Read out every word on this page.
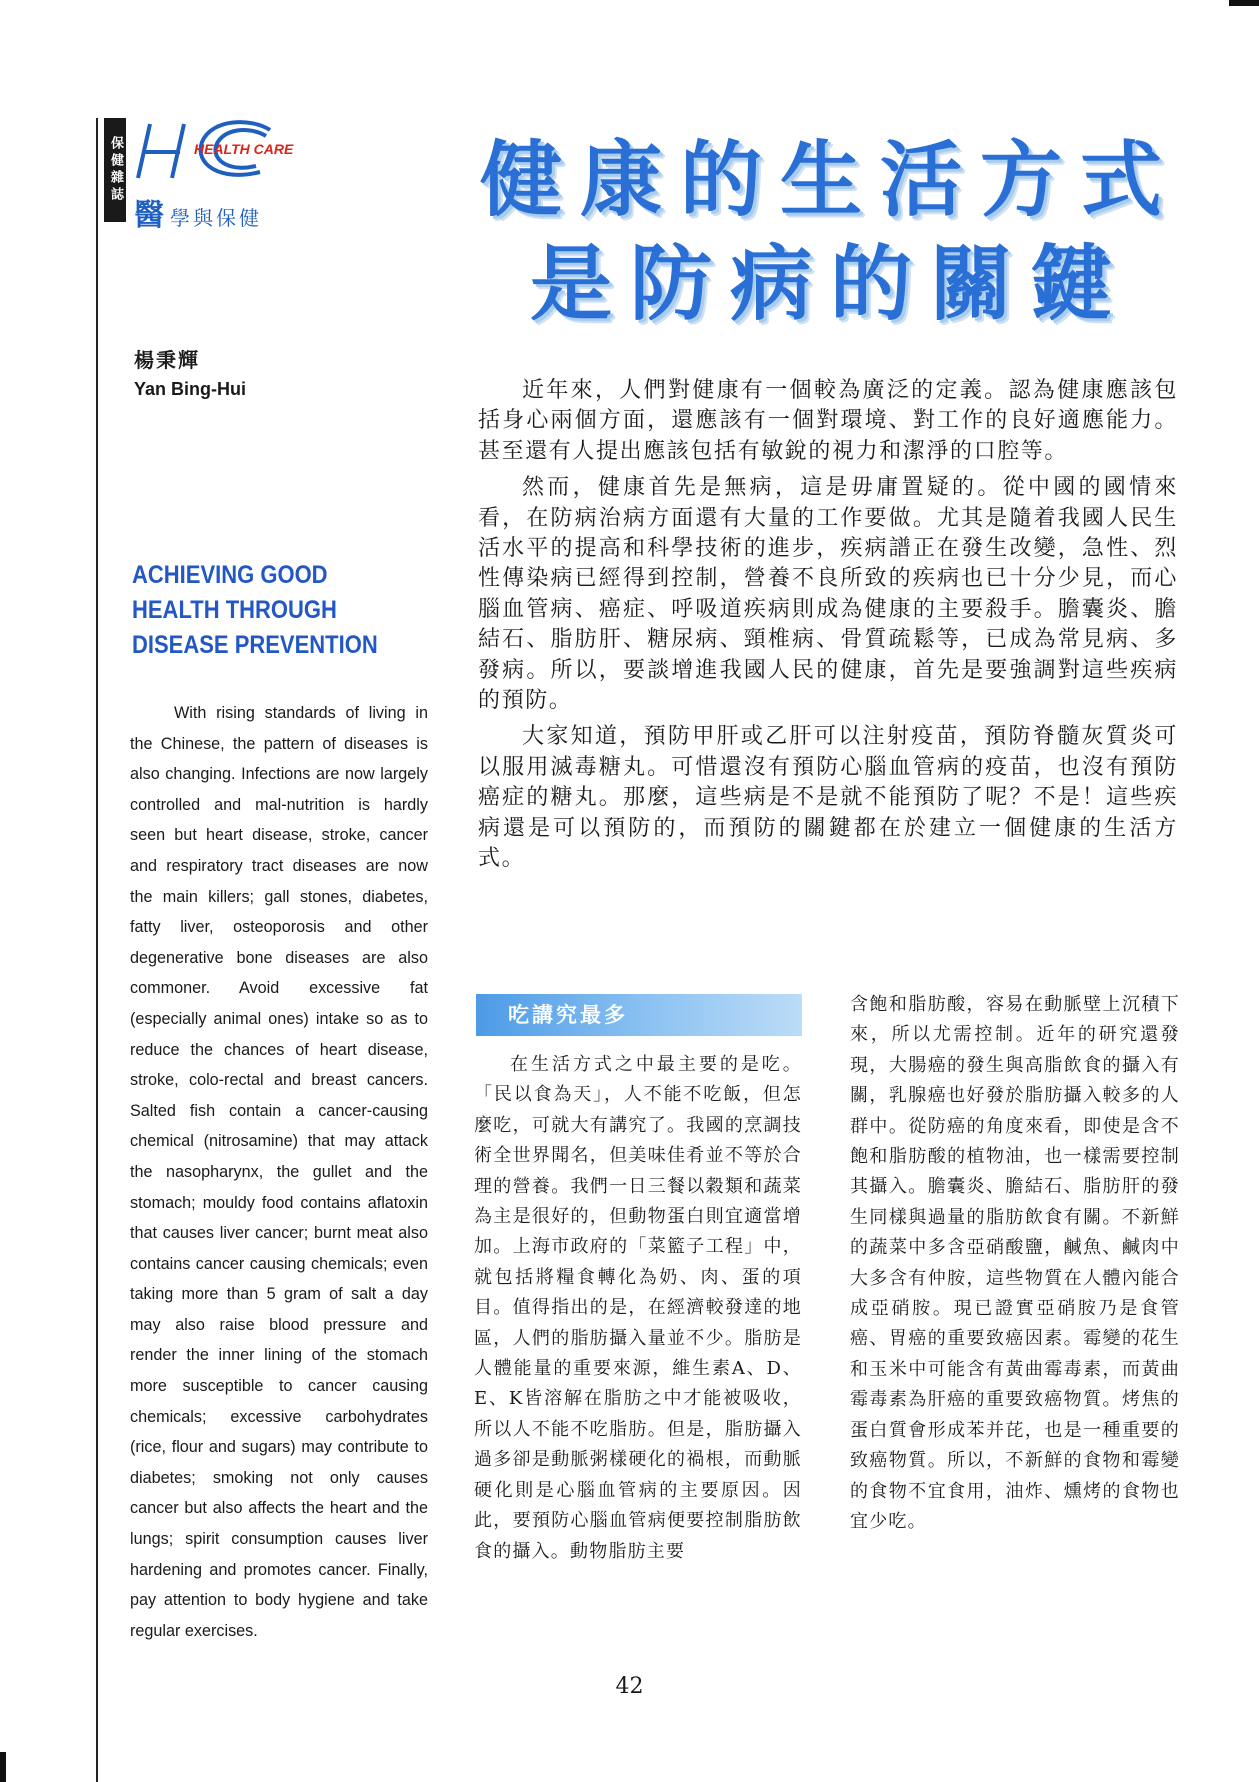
保健雜誌	HEALTH CARE
醫學與保健	健康的生活方式
是防病的關鍵
楊秉輝
Yan Bing-Hui
ACHIEVING GOOD HEALTH THROUGH DISEASE PREVENTION
With rising standards of living in the Chinese, the pattern of diseases is also changing. Infections are now largely controlled and mal-nutrition is hardly seen but heart disease, stroke, cancer and respiratory tract diseases are now the main killers; gall stones, diabetes, fatty liver, osteoporosis and other degenerative bone diseases are also commoner. Avoid excessive fat (especially animal ones) intake so as to reduce the chances of heart disease, stroke, colo-rectal and breast cancers. Salted fish contain a cancer-causing chemical (nitrosamine) that may attack the nasopharynx, the gullet and the stomach; mouldy food contains aflatoxin that causes liver cancer; burnt meat also contains cancer causing chemicals; even taking more than 5 gram of salt a day may also raise blood pressure and render the inner lining of the stomach more susceptible to cancer causing chemicals; excessive carbohydrates (rice, flour and sugars) may contribute to diabetes; smoking not only causes cancer but also affects the heart and the lungs; spirit consumption causes liver hardening and promotes cancer. Finally, pay attention to body hygiene and take regular exercises.

近年來，人們對健康有一個較為廣泛的定義。認為健康應該包括身心兩個方面，還應該有一個對環境、對工作的良好適應能力。甚至還有人提出應該包括有敏銳的視力和潔淨的口腔等。

然而，健康首先是無病，這是毋庸置疑的。從中國的國情來看，在防病治病方面還有大量的工作要做。尤其是隨着我國人民生活水平的提高和科學技術的進步，疾病譜正在發生改變，急性、烈性傳染病已經得到控制，營養不良所致的疾病也已十分少見，而心腦血管病、癌症、呼吸道疾病則成為健康的主要殺手。膽囊炎、膽結石、脂肪肝、糖尿病、頸椎病、骨質疏鬆等，已成為常見病、多發病。所以，要談增進我國人民的健康，首先是要強調對這些疾病的預防。

大家知道，預防甲肝或乙肝可以注射疫苗，預防脊髓灰質炎可以服用滅毒糖丸。可惜還沒有預防心腦血管病的疫苗，也沒有預防癌症的糖丸。那麼，這些病是不是就不能預防了呢？不是！這些疾病還是可以預防的，而預防的關鍵都在於建立一個健康的生活方式。

吃講究最多
在生活方式之中最主要的是吃。「民以食為天」，人不能不吃飯，但怎麼吃，可就大有講究了。我國的烹調技術全世界聞名，但美味佳肴並不等於合理的營養。我們一日三餐以穀類和蔬菜為主是很好的，但動物蛋白則宜適當增加。上海市政府的「菜籃子工程」中，就包括將糧食轉化為奶、肉、蛋的項目。值得指出的是，在經濟較發達的地區，人們的脂肪攝入量並不少。脂肪是人體能量的重要來源，維生素A、D、E、K皆溶解在脂肪之中才能被吸收，所以人不能不吃脂肪。但是，脂肪攝入過多卻是動脈粥樣硬化的禍根，而動脈硬化則是心腦血管病的主要原因。因此，要預防心腦血管病便要控制脂肪飲食的攝入。動物脂肪主要
含飽和脂肪酸，容易在動脈壁上沉積下來，所以尤需控制。近年的研究還發現，大腸癌的發生與高脂飲食的攝入有關，乳腺癌也好發於脂肪攝入較多的人群中。從防癌的角度來看，即使是含不飽和脂肪酸的植物油，也一樣需要控制其攝入。膽囊炎、膽結石、脂肪肝的發生同樣與過量的脂肪飲食有關。不新鮮的蔬菜中多含亞硝酸鹽，鹹魚、鹹肉中大多含有仲胺，這些物質在人體內能合成亞硝胺。現已證實亞硝胺乃是食管癌、胃癌的重要致癌因素。霉變的花生和玉米中可能含有黃曲霉毒素，而黃曲霉毒素為肝癌的重要致癌物質。烤焦的蛋白質會形成苯并芘，也是一種重要的致癌物質。所以，不新鮮的食物和霉變的食物不宜食用，油炸、燻烤的食物也宜少吃。
42
